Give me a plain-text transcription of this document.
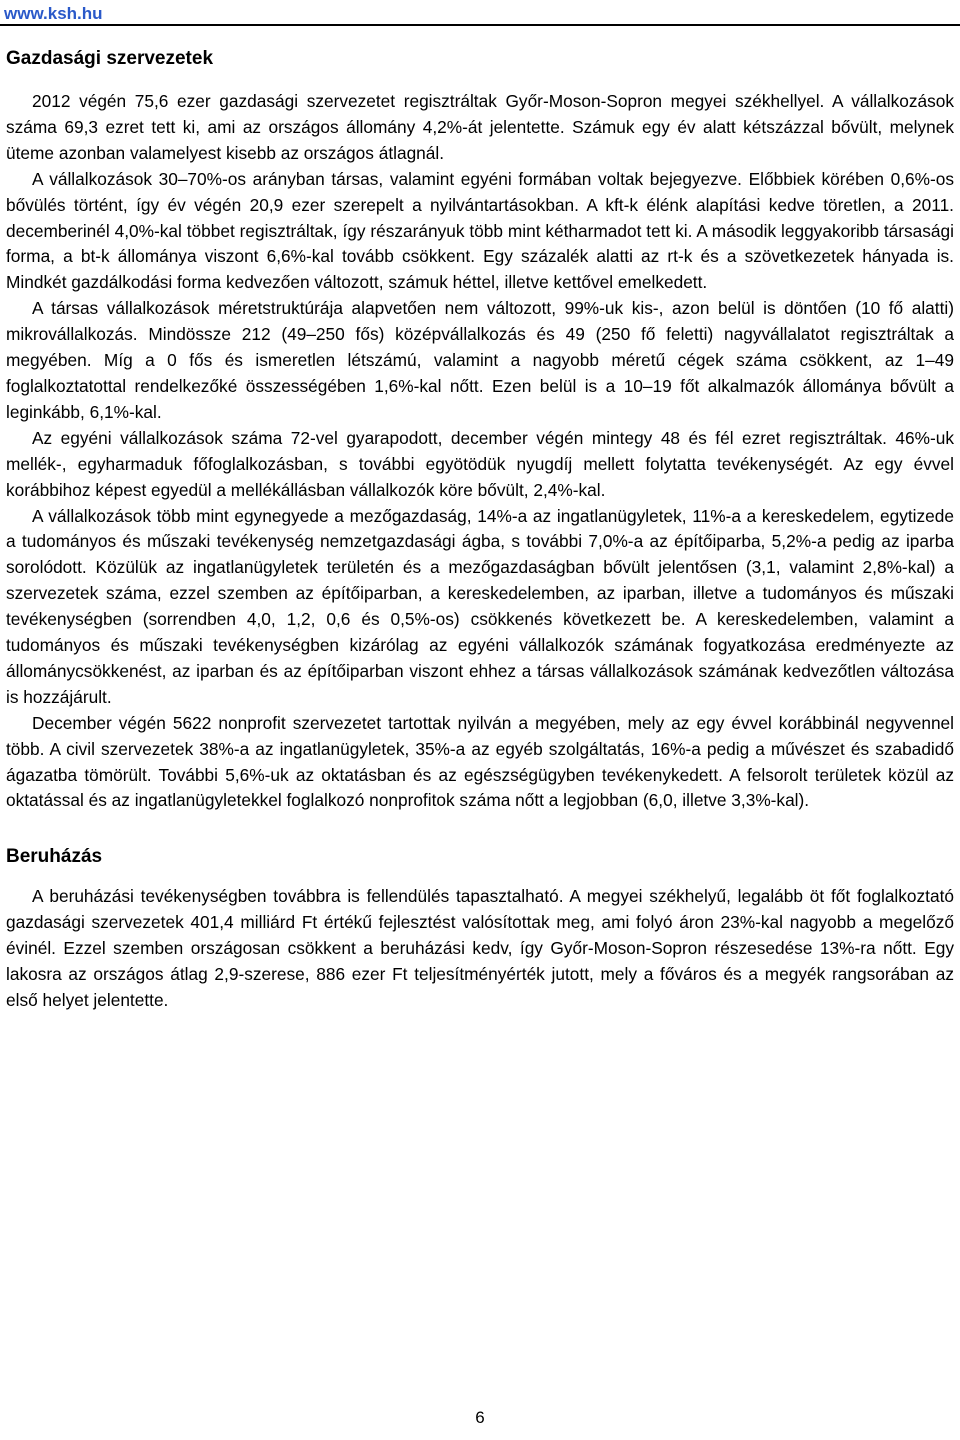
www.ksh.hu
Gazdasági szervezetek

2012 végén 75,6 ezer gazdasági szervezetet regisztráltak Győr-Moson-Sopron megyei székhellyel. A vállalkozások száma 69,3 ezret tett ki, ami az országos állomány 4,2%-át jelentette. Számuk egy év alatt kétszázzal bővült, melynek üteme azonban valamelyest kisebb az országos átlagnál.

A vállalkozások 30–70%-os arányban társas, valamint egyéni formában voltak bejegyezve. Előbbiek körében 0,6%-os bővülés történt, így év végén 20,9 ezer szerepelt a nyilvántartásokban. A kft-k élénk alapítási kedve töretlen, a 2011. decemberinél 4,0%-kal többet regisztráltak, így részarányuk több mint kétharmadot tett ki. A második leggyakoribb társasági forma, a bt-k állománya viszont 6,6%-kal tovább csökkent. Egy százalék alatti az rt-k és a szövetkezetek hányada is. Mindkét gazdálkodási forma kedvezően változott, számuk héttel, illetve kettővel emelkedett.

A társas vállalkozások méretstruktúrája alapvetően nem változott, 99%-uk kis-, azon belül is döntően (10 fő alatti) mikrovállalkozás. Mindössze 212 (49–250 fős) középvállalkozás és 49 (250 fő feletti) nagyvállalatot regisztráltak a megyében. Míg a 0 fős és ismeretlen létszámú, valamint a nagyobb méretű cégek száma csökkent, az 1–49 foglalkoztatottal rendelkezőké összességében 1,6%-kal nőtt. Ezen belül is a 10–19 főt alkalmazók állománya bővült a leginkább, 6,1%-kal.

Az egyéni vállalkozások száma 72-vel gyarapodott, december végén mintegy 48 és fél ezret regisztráltak. 46%-uk mellék-, egyharmaduk főfoglalkozásban, s további egyötödük nyugdíj mellett folytatta tevékenységét. Az egy évvel korábbihoz képest egyedül a mellékállásban vállalkozók köre bővült, 2,4%-kal.

A vállalkozások több mint egynegyede a mezőgazdaság, 14%-a az ingatlanügyletek, 11%-a a kereskedelem, egytizede a tudományos és műszaki tevékenység nemzetgazdasági ágba, s további 7,0%-a az építőiparba, 5,2%-a pedig az iparba sorolódott. Közülük az ingatlanügyletek területén és a mezőgazdaságban bővült jelentősen (3,1, valamint 2,8%-kal) a szervezetek száma, ezzel szemben az építőiparban, a kereskedelemben, az iparban, illetve a tudományos és műszaki tevékenységben (sorrendben 4,0, 1,2, 0,6 és 0,5%-os) csökkenés következett be. A kereskedelemben, valamint a tudományos és műszaki tevékenységben kizárólag az egyéni vállalkozók számának fogyatkozása eredményezte az állománycsökkenést, az iparban és az építőiparban viszont ehhez a társas vállalkozások számának kedvezőtlen változása is hozzájárult.

December végén 5622 nonprofit szervezetet tartottak nyilván a megyében, mely az egy évvel korábbinál negyvennel több. A civil szervezetek 38%-a az ingatlanügyletek, 35%-a az egyéb szolgáltatás, 16%-a pedig a művészet és szabadidő ágazatba tömörült. További 5,6%-uk az oktatásban és az egészségügyben tevékenykedett. A felsorolt területek közül az oktatással és az ingatlanügyletekkel foglalkozó nonprofitok száma nőtt a legjobban (6,0, illetve 3,3%-kal).

Beruházás

A beruházási tevékenységben továbbra is fellendülés tapasztalható. A megyei székhelyű, legalább öt főt foglalkoztató gazdasági szervezetek 401,4 milliárd Ft értékű fejlesztést valósítottak meg, ami folyó áron 23%-kal nagyobb a megelőző évinél. Ezzel szemben országosan csökkent a beruházási kedv, így Győr-Moson-Sopron részesedése 13%-ra nőtt. Egy lakosra az országos átlag 2,9-szerese, 886 ezer Ft teljesítményérték jutott, mely a főváros és a megyék rangsorában az első helyet jelentette.

6
